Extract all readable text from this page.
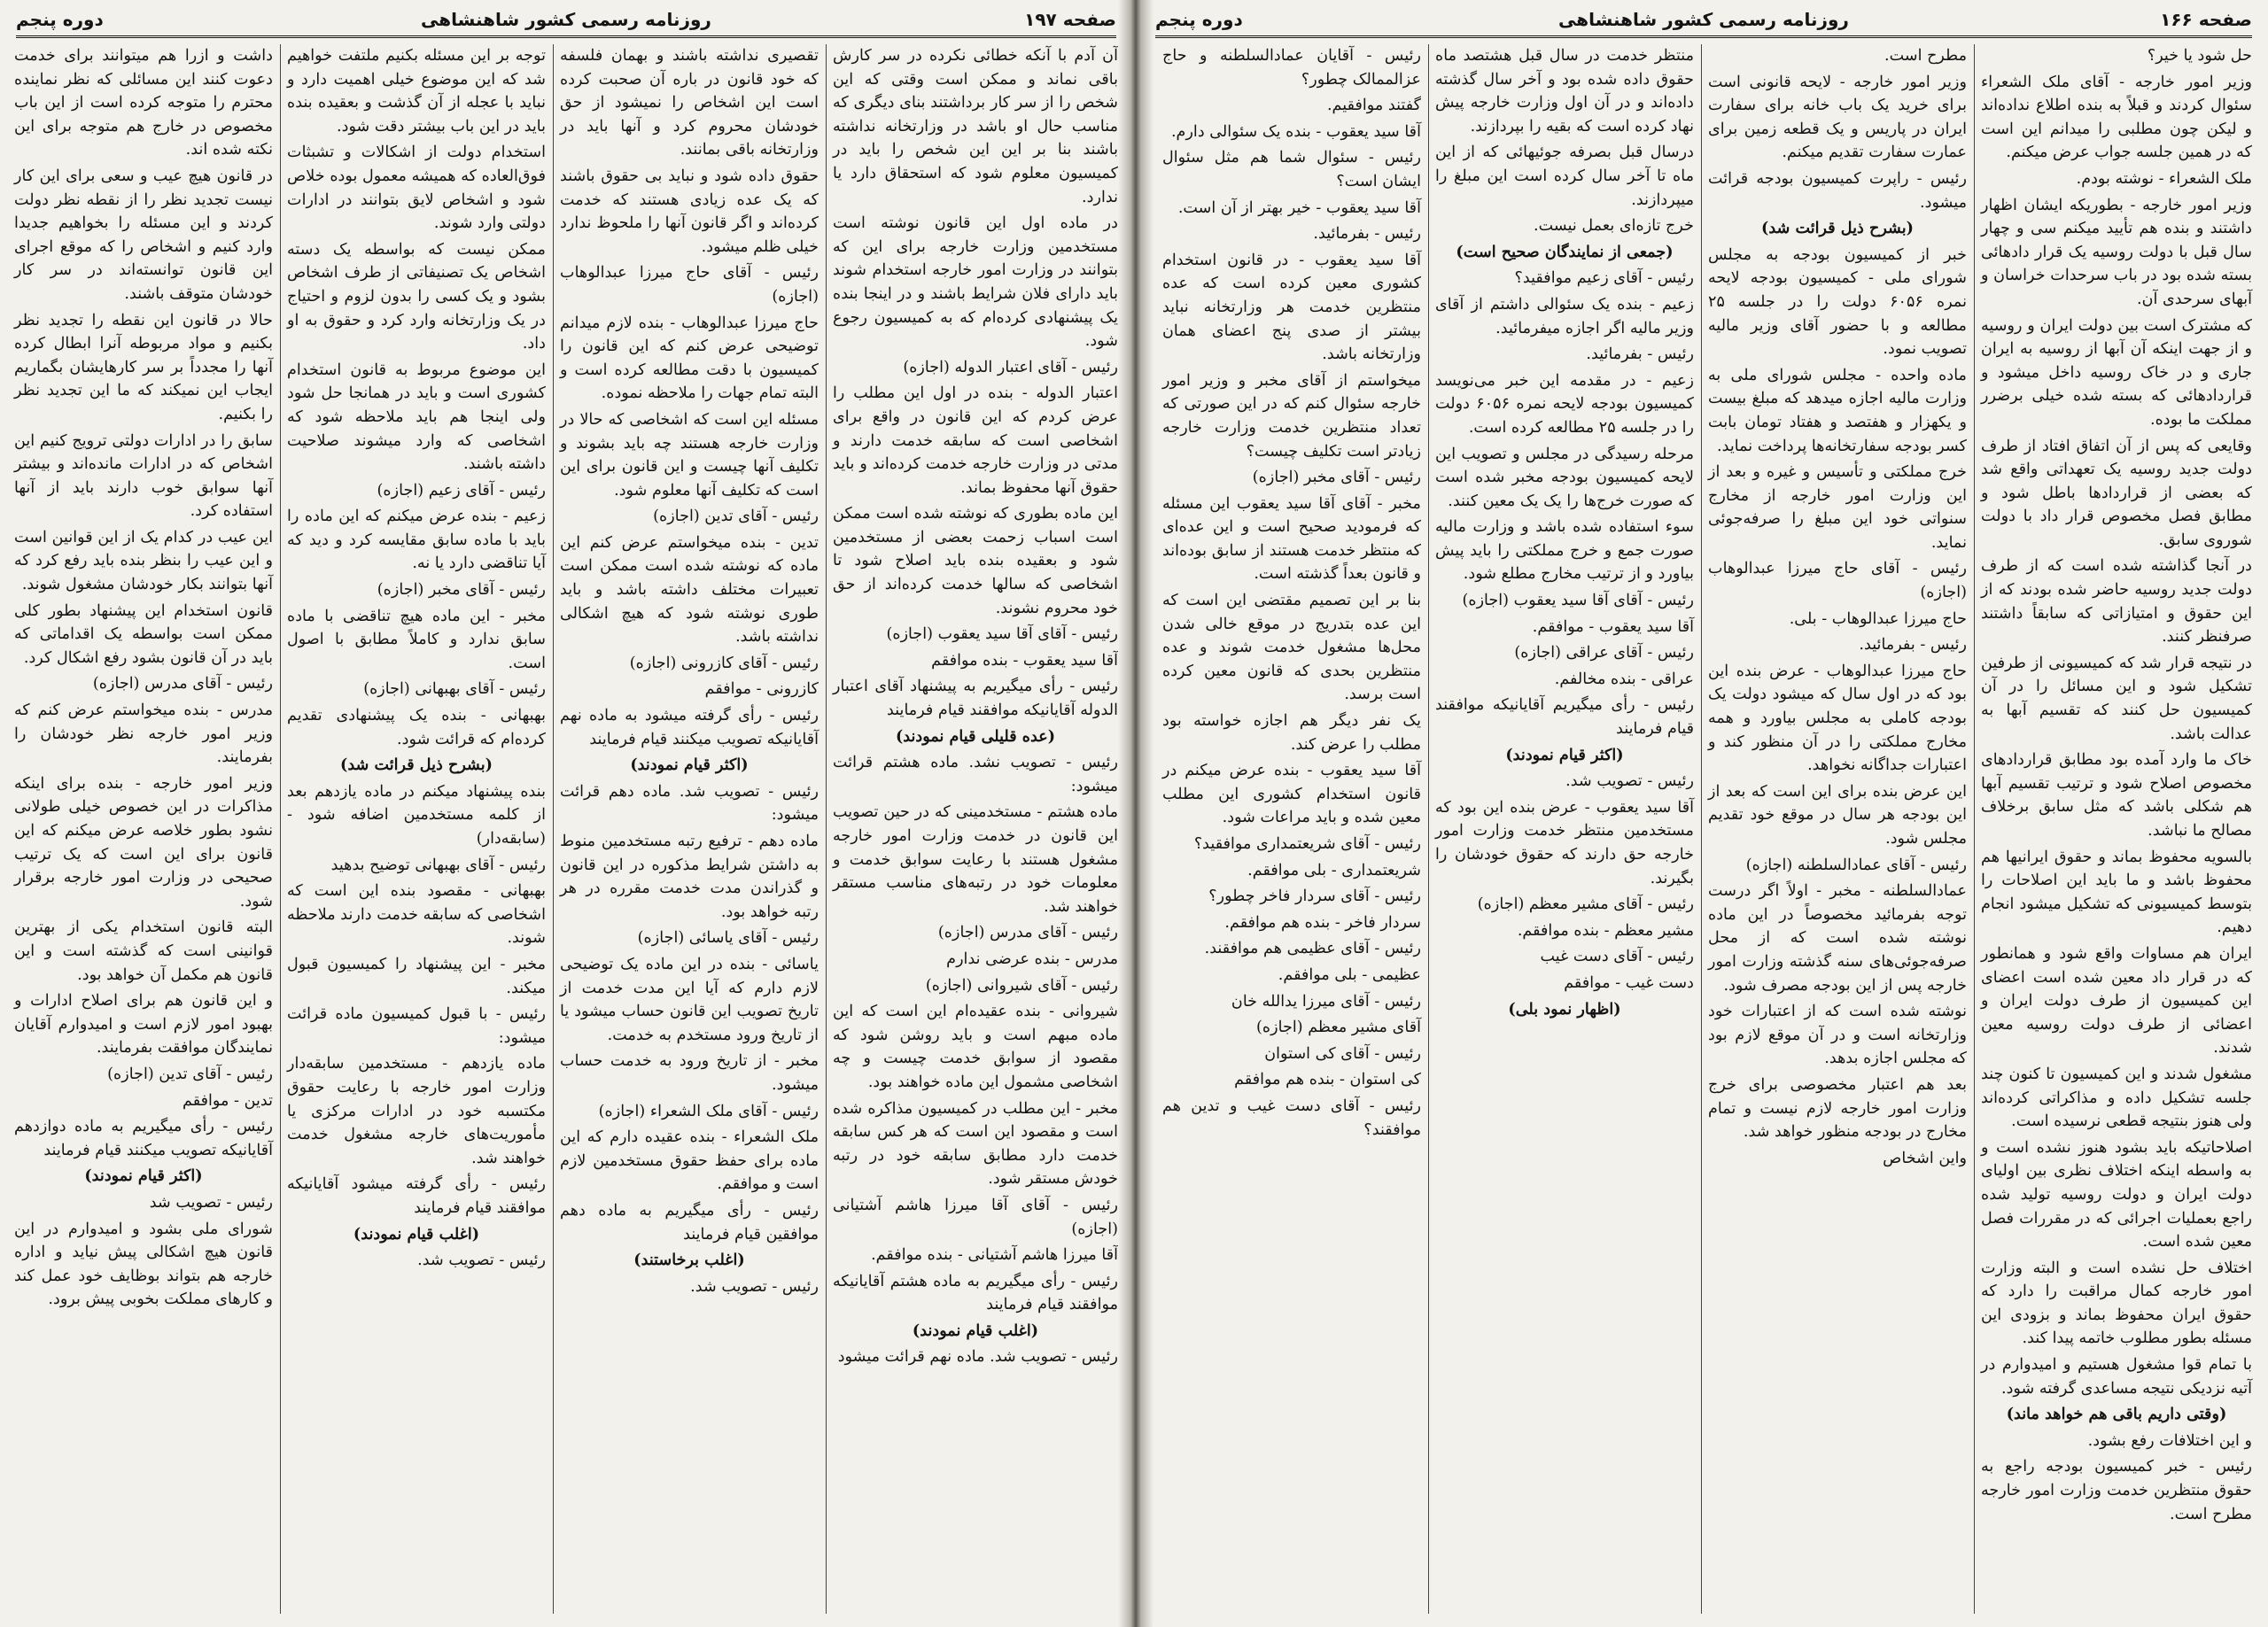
صفحه ۱۹۷
روزنامه رسمی کشور شاهنشاهی
دوره پنجم

آن آدم با آنکه خطائی نکرده در سر کارش باقی نماند و ممکن است وقتی که این شخص را از سر کار برداشتند بنای دیگری که مناسب حال او باشد در وزارتخانه نداشته باشند بنا بر این این شخص را باید در کمیسیون معلوم شود که استحقاق دارد یا ندارد.

در ماده اول این قانون نوشته است مستخدمین وزارت خارجه برای این که بتوانند در وزارت امور خارجه استخدام شوند باید دارای فلان شرایط باشند و در اینجا بنده یک پیشنهادی کرده‌ام که به کمیسیون رجوع شود.

رئیس - آقای اعتبار الدوله (اجازه)

اعتبار الدوله - بنده در اول این مطلب را عرض کردم که این قانون در واقع برای اشخاصی است که سابقه خدمت دارند و مدتی در وزارت خارجه خدمت کرده‌اند و باید حقوق آنها محفوظ بماند.

این ماده بطوری که نوشته شده است ممکن است اسباب زحمت بعضی از مستخدمین شود و بعقیده بنده باید اصلاح شود تا اشخاصی که سالها خدمت کرده‌اند از حق خود محروم نشوند.

رئیس - آقای آقا سید یعقوب (اجازه)

آقا سید یعقوب - بنده موافقم

رئیس - رأی میگیریم به پیشنهاد آقای اعتبار الدوله آقایانیکه موافقند قیام فرمایند

(عده قلیلی قیام نمودند)

رئیس - تصویب نشد. ماده هشتم قرائت میشود:

ماده هشتم - مستخدمینی که در حین تصویب این قانون در خدمت وزارت امور خارجه مشغول هستند با رعایت سوابق خدمت و معلومات خود در رتبه‌های مناسب مستقر خواهند شد.

رئیس - آقای مدرس (اجازه)

مدرس - بنده عرضی ندارم

رئیس - آقای شیروانی (اجازه)

شیروانی - بنده عقیده‌ام این است که این ماده مبهم است و باید روشن شود که مقصود از سوابق خدمت چیست و چه اشخاصی مشمول این ماده خواهند بود.

مخبر - این مطلب در کمیسیون مذاکره شده است و مقصود این است که هر کس سابقه خدمت دارد مطابق سابقه خود در رتبه خودش مستقر شود.

رئیس - آقای آقا میرزا هاشم آشتیانی (اجازه)

آقا میرزا هاشم آشتیانی - بنده موافقم.

رئیس - رأی میگیریم به ماده هشتم آقایانیکه موافقند قیام فرمایند

(اغلب قیام نمودند)

رئیس - تصویب شد. ماده نهم قرائت میشود

تقصیری نداشته باشند و بهمان فلسفه که خود قانون در باره آن صحبت کرده است این اشخاص را نمیشود از حق خودشان محروم کرد و آنها باید در وزارتخانه باقی بمانند.

حقوق داده شود و نباید بی حقوق باشند که یک عده زیادی هستند که خدمت کرده‌اند و اگر قانون آنها را ملحوظ ندارد خیلی ظلم میشود.

رئیس - آقای حاج میرزا عبدالوهاب (اجازه)

حاج میرزا عبدالوهاب - بنده لازم میدانم توضیحی عرض کنم که این قانون را کمیسیون با دقت مطالعه کرده است و البته تمام جهات را ملاحظه نموده.

مسئله این است که اشخاصی که حالا در وزارت خارجه هستند چه باید بشوند و تکلیف آنها چیست و این قانون برای این است که تکلیف آنها معلوم شود.

رئیس - آقای تدین (اجازه)

تدین - بنده میخواستم عرض کنم این ماده که نوشته شده است ممکن است تعبیرات مختلف داشته باشد و باید طوری نوشته شود که هیچ اشکالی نداشته باشد.

رئیس - آقای کازرونی (اجازه)

کازرونی - موافقم

رئیس - رأی گرفته میشود به ماده نهم آقایانیکه تصویب میکنند قیام فرمایند

(اکثر قیام نمودند)

رئیس - تصویب شد. ماده دهم قرائت میشود:

ماده دهم - ترفیع رتبه مستخدمین منوط به داشتن شرایط مذکوره در این قانون و گذراندن مدت خدمت مقرره در هر رتبه خواهد بود.

رئیس - آقای یاسائی (اجازه)

یاسائی - بنده در این ماده یک توضیحی لازم دارم که آیا این مدت خدمت از تاریخ تصویب این قانون حساب میشود یا از تاریخ ورود مستخدم به خدمت.

مخبر - از تاریخ ورود به خدمت حساب میشود.

رئیس - آقای ملک الشعراء (اجازه)

ملک الشعراء - بنده عقیده دارم که این ماده برای حفظ حقوق مستخدمین لازم است و موافقم.

رئیس - رأی میگیریم به ماده دهم موافقین قیام فرمایند

(اغلب برخاستند)

رئیس - تصویب شد.

توجه بر این مسئله بکنیم ملتفت خواهیم شد که این موضوع خیلی اهمیت دارد و نباید با عجله از آن گذشت و بعقیده بنده باید در این باب بیشتر دقت شود.

استخدام دولت از اشکالات و تشبثات فوق‌العاده که همیشه معمول بوده خلاص شود و اشخاص لایق بتوانند در ادارات دولتی وارد شوند.

ممکن نیست که بواسطه یک دسته اشخاص یک تصنیفاتی از طرف اشخاص بشود و یک کسی را بدون لزوم و احتیاج در یک وزارتخانه وارد کرد و حقوق به او داد.

این موضوع مربوط به قانون استخدام کشوری است و باید در همانجا حل شود ولی اینجا هم باید ملاحظه شود که اشخاصی که وارد میشوند صلاحیت داشته باشند.

رئیس - آقای زعیم (اجازه)

زعیم - بنده عرض میکنم که این ماده را باید با ماده سابق مقایسه کرد و دید که آیا تناقضی دارد یا نه.

رئیس - آقای مخبر (اجازه)

مخبر - این ماده هیچ تناقضی با ماده سابق ندارد و کاملاً مطابق با اصول است.

رئیس - آقای بهبهانی (اجازه)

بهبهانی - بنده یک پیشنهادی تقدیم کرده‌ام که قرائت شود.

(بشرح ذیل قرائت شد)

بنده پیشنهاد میکنم در ماده یازدهم بعد از کلمه مستخدمین اضافه شود - (سابقه‌دار)

رئیس - آقای بهبهانی توضیح بدهید

بهبهانی - مقصود بنده این است که اشخاصی که سابقه خدمت دارند ملاحظه شوند.

مخبر - این پیشنهاد را کمیسیون قبول میکند.

رئیس - با قبول کمیسیون ماده قرائت میشود:

ماده یازدهم - مستخدمین سابقه‌دار وزارت امور خارجه با رعایت حقوق مکتسبه خود در ادارات مرکزی یا مأموریت‌های خارجه مشغول خدمت خواهند شد.

رئیس - رأی گرفته میشود آقایانیکه موافقند قیام فرمایند

(اغلب قیام نمودند)

رئیس - تصویب شد.

داشت و ازرا هم میتوانند برای خدمت دعوت کنند این مسائلی که نظر نماینده محترم را متوجه کرده است از این باب مخصوص در خارج هم متوجه برای این نکته شده اند.

در قانون هیچ عیب و سعی برای این کار نیست تجدید نظر را از نقطه نظر دولت کردند و این مسئله را بخواهیم جدیدا وارد کنیم و اشخاص را که موقع اجرای این قانون توانسته‌اند در سر کار خودشان متوقف باشند.

حالا در قانون این نقطه را تجدید نظر بکنیم و مواد مربوطه آنرا ابطال کرده آنها را مجدداً بر سر کارهایشان بگماریم ایجاب این نمیکند که ما این تجدید نظر را بکنیم.

سابق را در ادارات دولتی ترویج کنیم این اشخاص که در ادارات مانده‌اند و بیشتر آنها سوابق خوب دارند باید از آنها استفاده کرد.

این عیب در کدام یک از این قوانین است و این عیب را بنظر بنده باید رفع کرد که آنها بتوانند بکار خودشان مشغول شوند.

قانون استخدام این پیشنهاد بطور کلی ممکن است بواسطه یک اقداماتی که باید در آن قانون بشود رفع اشکال کرد.

رئیس - آقای مدرس (اجازه)

مدرس - بنده میخواستم عرض کنم که وزیر امور خارجه نظر خودشان را بفرمایند.

وزیر امور خارجه - بنده برای اینکه مذاکرات در این خصوص خیلی طولانی نشود بطور خلاصه عرض میکنم که این قانون برای این است که یک ترتیب صحیحی در وزارت امور خارجه برقرار شود.

البته قانون استخدام یکی از بهترین قوانینی است که گذشته است و این قانون هم مکمل آن خواهد بود.

و این قانون هم برای اصلاح ادارات و بهبود امور لازم است و امیدوارم آقایان نمایندگان موافقت بفرمایند.

رئیس - آقای تدین (اجازه)

تدین - موافقم

رئیس - رأی میگیریم به ماده دوازدهم آقایانیکه تصویب میکنند قیام فرمایند

(اکثر قیام نمودند)

رئیس - تصویب شد

شورای ملی بشود و امیدوارم در این قانون هیچ اشکالی پیش نیاید و اداره خارجه هم بتواند بوظایف خود عمل کند و کارهای مملکت بخوبی پیش برود.

صفحه ۱۶۶
روزنامه رسمی کشور شاهنشاهی
دوره پنجم

حل شود یا خیر؟

وزیر امور خارجه - آقای ملک الشعراء سئوال کردند و قبلاً به بنده اطلاع نداده‌اند و لیکن چون مطلبی را میدانم این است که در همین جلسه جواب عرض میکنم.

ملک الشعراء - نوشته بودم.

وزیر امور خارجه - بطوریکه ایشان اظهار داشتند و بنده هم تأیید میکنم سی و چهار سال قبل با دولت روسیه یک قرار دادهائی بسته شده بود در باب سرحدات خراسان و آبهای سرحدی آن.

که مشترک است بین دولت ایران و روسیه و از جهت اینکه آن آبها از روسیه به ایران جاری و در خاک روسیه داخل میشود و قراردادهائی که بسته شده خیلی برضرر مملکت ما بوده.

وقایعی که پس از آن اتفاق افتاد از طرف دولت جدید روسیه یک تعهداتی واقع شد که بعضی از قراردادها باطل شود و مطابق فصل مخصوص قرار داد با دولت شوروی سابق.

در آنجا گذاشته شده است که از طرف دولت جدید روسیه حاضر شده بودند که از این حقوق و امتیازاتی که سابقاً داشتند صرفنظر کنند.

در نتیجه قرار شد که کمیسیونی از طرفین تشکیل شود و این مسائل را در آن کمیسیون حل کنند که تقسیم آبها به عدالت باشد.

خاک ما وارد آمده بود مطابق قراردادهای مخصوص اصلاح شود و ترتیب تقسیم آبها هم شکلی باشد که مثل سابق برخلاف مصالح ما نباشد.

بالسویه محفوظ بماند و حقوق ایرانیها هم محفوظ باشد و ما باید این اصلاحات را بتوسط کمیسیونی که تشکیل میشود انجام دهیم.

ایران هم مساوات واقع شود و همانطور که در قرار داد معین شده است اعضای این کمیسیون از طرف دولت ایران و اعضائی از طرف دولت روسیه معین شدند.

مشغول شدند و این کمیسیون تا کنون چند جلسه تشکیل داده و مذاکراتی کرده‌اند ولی هنوز بنتیجه قطعی نرسیده است.

اصلاحاتیکه باید بشود هنوز نشده است و به واسطه اینکه اختلاف نظری بین اولیای دولت ایران و دولت روسیه تولید شده راجع بعملیات اجرائی که در مقررات فصل معین شده است.

اختلاف حل نشده است و البته وزارت امور خارجه کمال مراقبت را دارد که حقوق ایران محفوظ بماند و بزودی این مسئله بطور مطلوب خاتمه پیدا کند.

با تمام قوا مشغول هستیم و امیدوارم در آتیه نزدیکی نتیجه مساعدی گرفته شود.

(وقتی داریم باقی هم خواهد ماند)

و این اختلافات رفع بشود.

رئیس - خبر کمیسیون بودجه راجع به حقوق منتظرین خدمت وزارت امور خارجه مطرح است.

مطرح است.

وزیر امور خارجه - لایحه قانونی است برای خرید یک باب خانه برای سفارت ایران در پاریس و یک قطعه زمین برای عمارت سفارت تقدیم میکنم.

رئیس - راپرت کمیسیون بودجه قرائت میشود.

(بشرح ذیل قرائت شد)

خبر از کمیسیون بودجه به مجلس شورای ملی - کمیسیون بودجه لایحه نمره ۶۰۵۶ دولت را در جلسه ۲۵ مطالعه و با حضور آقای وزیر مالیه تصویب نمود.

ماده واحده - مجلس شورای ملی به وزارت مالیه اجازه میدهد که مبلغ بیست و یکهزار و هفتصد و هفتاد تومان بابت کسر بودجه سفارتخانه‌ها پرداخت نماید.

خرج مملکتی و تأسیس و غیره و بعد از این وزارت امور خارجه از مخارج سنواتی خود این مبلغ را صرفه‌جوئی نماید.

رئیس - آقای حاج میرزا عبدالوهاب (اجازه)

حاج میرزا عبدالوهاب - بلی.

رئیس - بفرمائید.

حاج میرزا عبدالوهاب - عرض بنده این بود که در اول سال که میشود دولت یک بودجه کاملی به مجلس بیاورد و همه مخارج مملکتی را در آن منظور کند و اعتبارات جداگانه نخواهد.

این عرض بنده برای این است که بعد از این بودجه هر سال در موقع خود تقدیم مجلس شود.

رئیس - آقای عمادالسلطنه (اجازه)

عمادالسلطنه - مخبر - اولاً اگر درست توجه بفرمائید مخصوصاً در این ماده نوشته شده است که از محل صرفه‌جوئی‌های سنه گذشته وزارت امور خارجه پس از این بودجه مصرف شود.

نوشته شده است که از اعتبارات خود وزارتخانه است و در آن موقع لازم بود که مجلس اجازه بدهد.

بعد هم اعتبار مخصوصی برای خرج وزارت امور خارجه لازم نیست و تمام مخارج در بودجه منظور خواهد شد.

واین اشخاص

منتظر خدمت در سال قبل هشتصد ماه حقوق داده شده بود و آخر سال گذشته داده‌اند و در آن اول وزارت خارجه پیش نهاد کرده است که بقیه را بپردازند.

درسال قبل بصرفه جوئیهائی که از این ماه تا آخر سال کرده است این مبلغ را میپردازند.

خرج تازه‌ای بعمل نیست.

(جمعی از نمایندگان صحیح است)

رئیس - آقای زعیم موافقید؟

زعیم - بنده یک سئوالی داشتم از آقای وزیر مالیه اگر اجازه میفرمائید.

رئیس - بفرمائید.

زعیم - در مقدمه این خبر می‌نویسد کمیسیون بودجه لایحه نمره ۶۰۵۶ دولت را در جلسه ۲۵ مطالعه کرده است.

مرحله رسیدگی در مجلس و تصویب این لایحه کمیسیون بودجه مخبر شده است که صورت خرج‌ها را یک یک معین کنند.

سوء استفاده شده باشد و وزارت مالیه صورت جمع و خرج مملکتی را باید پیش بیاورد و از ترتیب مخارج مطلع شود.

رئیس - آقای آقا سید یعقوب (اجازه)

آقا سید یعقوب - موافقم.

رئیس - آقای عراقی (اجازه)

عراقی - بنده مخالفم.

رئیس - رأی میگیریم آقایانیکه موافقند قیام فرمایند

(اکثر قیام نمودند)

رئیس - تصویب شد.

آقا سید یعقوب - عرض بنده این بود که مستخدمین منتظر خدمت وزارت امور خارجه حق دارند که حقوق خودشان را بگیرند.

رئیس - آقای مشیر معظم (اجازه)

مشیر معظم - بنده موافقم.

رئیس - آقای دست غیب

دست غیب - موافقم

(اظهار نمود بلی)

رئیس - آقایان عمادالسلطنه و حاج عزالممالک چطور؟

گفتند موافقیم.

آقا سید یعقوب - بنده یک سئوالی دارم.

رئیس - سئوال شما هم مثل سئوال ایشان است؟

آقا سید یعقوب - خیر بهتر از آن است.

رئیس - بفرمائید.

آقا سید یعقوب - در قانون استخدام کشوری معین کرده است که عده منتظرین خدمت هر وزارتخانه نباید بیشتر از صدی پنج اعضای همان وزارتخانه باشد.

میخواستم از آقای مخبر و وزیر امور خارجه سئوال کنم که در این صورتی که تعداد منتظرین خدمت وزارت خارجه زیادتر است تکلیف چیست؟

رئیس - آقای مخبر (اجازه)

مخبر - آقای آقا سید یعقوب این مسئله که فرمودید صحیح است و این عده‌ای که منتظر خدمت هستند از سابق بوده‌اند و قانون بعداً گذشته است.

بنا بر این تصمیم مقتضی این است که این عده بتدریج در موقع خالی شدن محل‌ها مشغول خدمت شوند و عده منتظرین بحدی که قانون معین کرده است برسد.

یک نفر دیگر هم اجازه خواسته بود مطلب را عرض کند.

آقا سید یعقوب - بنده عرض میکنم در قانون استخدام کشوری این مطلب معین شده و باید مراعات شود.

رئیس - آقای شریعتمداری موافقید؟

شریعتمداری - بلی موافقم.

رئیس - آقای سردار فاخر چطور؟

سردار فاخر - بنده هم موافقم.

رئیس - آقای عظیمی هم موافقند.

عظیمی - بلی موافقم.

رئیس - آقای میرزا یدالله خان

آقای مشیر معظم (اجازه)

رئیس - آقای کی استوان

کی استوان - بنده هم موافقم

رئیس - آقای دست غیب و تدین هم موافقند؟
